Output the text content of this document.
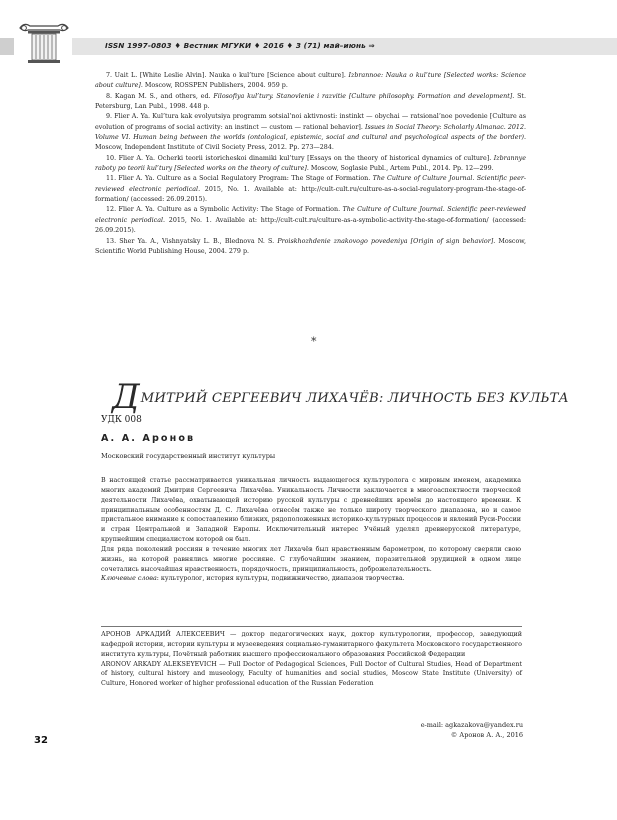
ISSN 1997-0803 ♦ Вестник МГУКИ ♦ 2016 ♦ 3 (71) май–июнь ⇒

7. Uait L. [White Leslie Alvin]. Nauka o kul’ture [Science about culture]. Izbrannoe: Nauka o kul’ture [Selected works: Science about culture]. Moscow, ROSSPEN Publishers, 2004. 959 p.

8. Kagan M. S., and others, ed. Filosofiya kul’tury. Stanovlenie i razvitie [Culture philosophy. Formation and development]. St. Petersburg, Lan Publ., 1998. 448 p.

9. Flier A. Ya. Kul’tura kak evolyutsiya programm sotsial’noi aktivnosti: instinkt — obychai — ratsional’noe povedenie [Culture as evolution of programs of social activity: an instinct — custom — rational behavior]. Issues in Social Theory: Scholarly Almanac. 2012. Volume VI. Human being between the worlds (ontological, epistemic, social and cultural and psychological aspects of the border). Moscow, Independent Institute of Civil Society Press, 2012. Pp. 273—284.

10. Flier A. Ya. Ocherki teorii istoricheskoi dinamiki kul’tury [Essays on the theory of historical dynamics of culture]. Izbrannye raboty po teorii kul’tury [Selected works on the theory of culture]. Moscow, Soglasie Publ., Artem Publ., 2014. Pp. 12—299.

11. Flier A. Ya. Culture as a Social Regulatory Program: The Stage of Formation. The Culture of Culture Journal. Scientific peer-reviewed electronic periodical. 2015, No. 1. Available at: http://cult-cult.ru/culture-as-a-social-regulatory-program-the-stage-of-formation/ (accessed: 26.09.2015).

12. Flier A. Ya. Culture as a Symbolic Activity: The Stage of Formation. The Culture of Culture Journal. Scientific peer-reviewed electronic periodical. 2015, No. 1. Available at: http://cult-cult.ru/culture-as-a-symbolic-activity-the-stage-of-formation/ (accessed: 26.09.2015).

13. Sher Ya. A., Vishnyatsky L. B., Blednova N. S. Proiskhozhdenie znakovogo povedeniya [Origin of sign behavior]. Moscow, Scientific World Publishing House, 2004. 279 p.

*
ДМИТРИЙ СЕРГЕЕВИЧ ЛИХАЧЁВ: ЛИЧНОСТЬ БЕЗ КУЛЬТА
УДК 008
А. А. Аронов
Московский государственный институт культуры

В настоящей статье рассматривается уникальная личность выдающегося культуролога с мировым именем, академика многих академий Дмитрия Сергеевича Лихачёва. Уникальность Личности заключается в многоаспектности творческой деятельности Лихачёва, охватывающей историю русской культуры с древнейших времён до настоящего времени. К принципиальным особенностям Д. С. Лихачёва отнесём также не только широту творческого диапазона, но и самое пристальное внимание к сопоставлению близких, рядоположенных историко-культурных процессов и явлений Руси-России и стран Центральной и Западной Европы. Исключительный интерес Учёный уделял древнерусской литературе, крупнейшим специалистом которой он был.

Для ряда поколений россиян в течение многих лет Лихачёв был нравственным барометром, по которому сверяли свою жизнь, на которой равнялись многие россияне. С глубочайшим знанием, поразительной эрудицией в одном лице сочетались высочайшая нравственность, порядочность, принципиальность, доброжелательность.

Ключевые слова: культуролог, история культуры, подвижничество, диапазон творчества.

АРОНОВ АРКАДИЙ АЛЕКСЕЕВИЧ — доктор педагогических наук, доктор культурологии, профессор, заведующий кафедрой истории, истории культуры и музееведения социально-гуманитарного факультета Московского государственного института культуры, Почётный работник высшего профессионального образования Российской Федерации

ARONOV ARKADY ALEKSEYEVICH — Full Doctor of Pedagogical Sciences, Full Doctor of Cultural Studies, Head of Department of history, cultural history and museology, Faculty of humanities and social studies, Moscow State Institute (University) of Culture, Honored worker of higher professional education of the Russian Federation

e-mail: agkazakova@yandex.ru
© Аронов А. А., 2016
32
